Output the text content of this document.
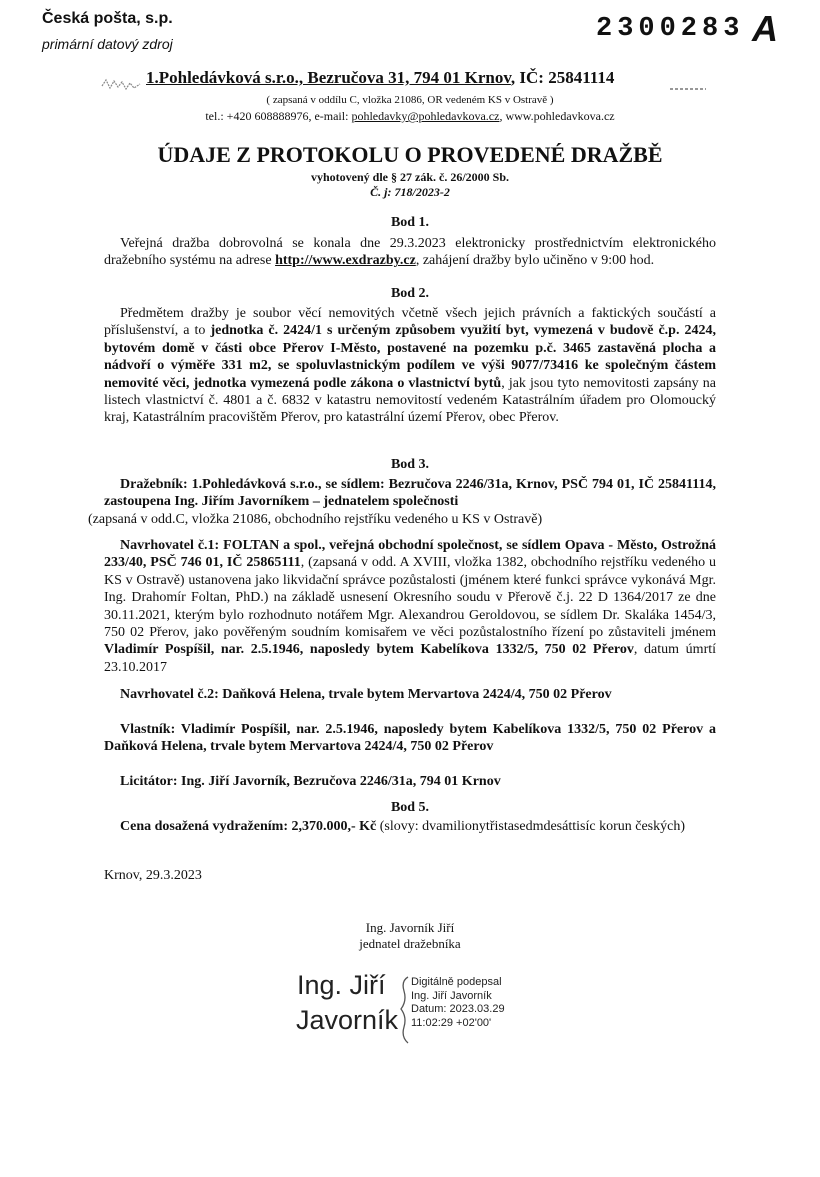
Česká pošta, s.p.
primární datový zdroj	2300283 A
1.Pohledávková s.r.o., Bezručova 31, 794 01 Krnov, IČ: 25841114
( zapsaná v oddílu C, vložka 21086, OR vedeném KS v Ostravě )
tel.: +420 608888976, e-mail: pohledavky@pohledavkova.cz, www.pohledavkova.cz
ÚDAJE Z PROTOKOLU O PROVEDENÉ DRAŽBĚ
vyhotovený dle § 27 zák. č. 26/2000 Sb.
Č. j: 718/2023-2
Bod 1.
Veřejná dražba dobrovolná se konala dne 29.3.2023 elektronicky prostřednictvím elektronického dražebního systému na adrese http://www.exdrazby.cz, zahájení dražby bylo učiněno v 9:00 hod.
Bod 2.
Předmětem dražby je soubor věcí nemovitých včetně všech jejich právních a faktických součástí a příslušenství, a to jednotka č. 2424/1 s určeným způsobem využití byt, vymezená v budově č.p. 2424, bytovém domě v části obce Přerov I-Město, postavené na pozemku p.č. 3465 zastavěná plocha a nádvoří o výměře 331 m2, se spoluvlastnickým podílem ve výši 9077/73416 ke společným částem nemovité věci, jednotka vymezená podle zákona o vlastnictví bytů, jak jsou tyto nemovitosti zapsány na listech vlastnictví č. 4801 a č. 6832 v katastru nemovitostí vedeném Katastrálním úřadem pro Olomoucký kraj, Katastrálním pracovištěm Přerov, pro katastrální území Přerov, obec Přerov.
Bod 3.
Dražebník: 1.Pohledávková s.r.o., se sídlem: Bezručova 2246/31a, Krnov, PSČ 794 01, IČ 25841114, zastoupena Ing. Jiřím Javorníkem – jednatelem společnosti
(zapsaná v odd.C, vložka 21086, obchodního rejstříku vedeného u KS v Ostravě)
Navrhovatel č.1: FOLTAN a spol., veřejná obchodní společnost, se sídlem Opava - Město, Ostrožná 233/40, PSČ 746 01, IČ 25865111, (zapsaná v odd. A XVIII, vložka 1382, obchodního rejstříku vedeného u KS v Ostravě) ustanovena jako likvidační správce pozůstalosti (jménem které funkci správce vykonává Mgr. Ing. Drahomír Foltan, PhD.) na základě usnesení Okresního soudu v Přerově č.j. 22 D 1364/2017 ze dne 30.11.2021, kterým bylo rozhodnuto notářem Mgr. Alexandrou Geroldovou, se sídlem Dr. Skaláka 1454/3, 750 02 Přerov, jako pověřeným soudním komisařem ve věci pozůstalostního řízení po zůstaviteli jménem Vladimír Pospíšil, nar. 2.5.1946, naposledy bytem Kabelíkova 1332/5, 750 02 Přerov, datum úmrtí 23.10.2017
Navrhovatel č.2: Daňková Helena, trvale bytem Mervartova 2424/4, 750 02 Přerov
Vlastník: Vladimír Pospíšil, nar. 2.5.1946, naposledy bytem Kabelíkova 1332/5, 750 02 Přerov a Daňková Helena, trvale bytem Mervartova 2424/4, 750 02 Přerov
Licitátor: Ing. Jiří Javorník, Bezručova 2246/31a, 794 01 Krnov
Bod 5.
Cena dosažená vydražením: 2,370.000,- Kč (slovy: dvamilionytřistasedmdesáttisíc korun českých)
Krnov, 29.3.2023
Ing. Javorník Jiří
jednatel dražebníka
Ing. Jiří
Javorník
Digitálně podepsal
Ing. Jiří Javorník
Datum: 2023.03.29
11:02:29 +02'00'
